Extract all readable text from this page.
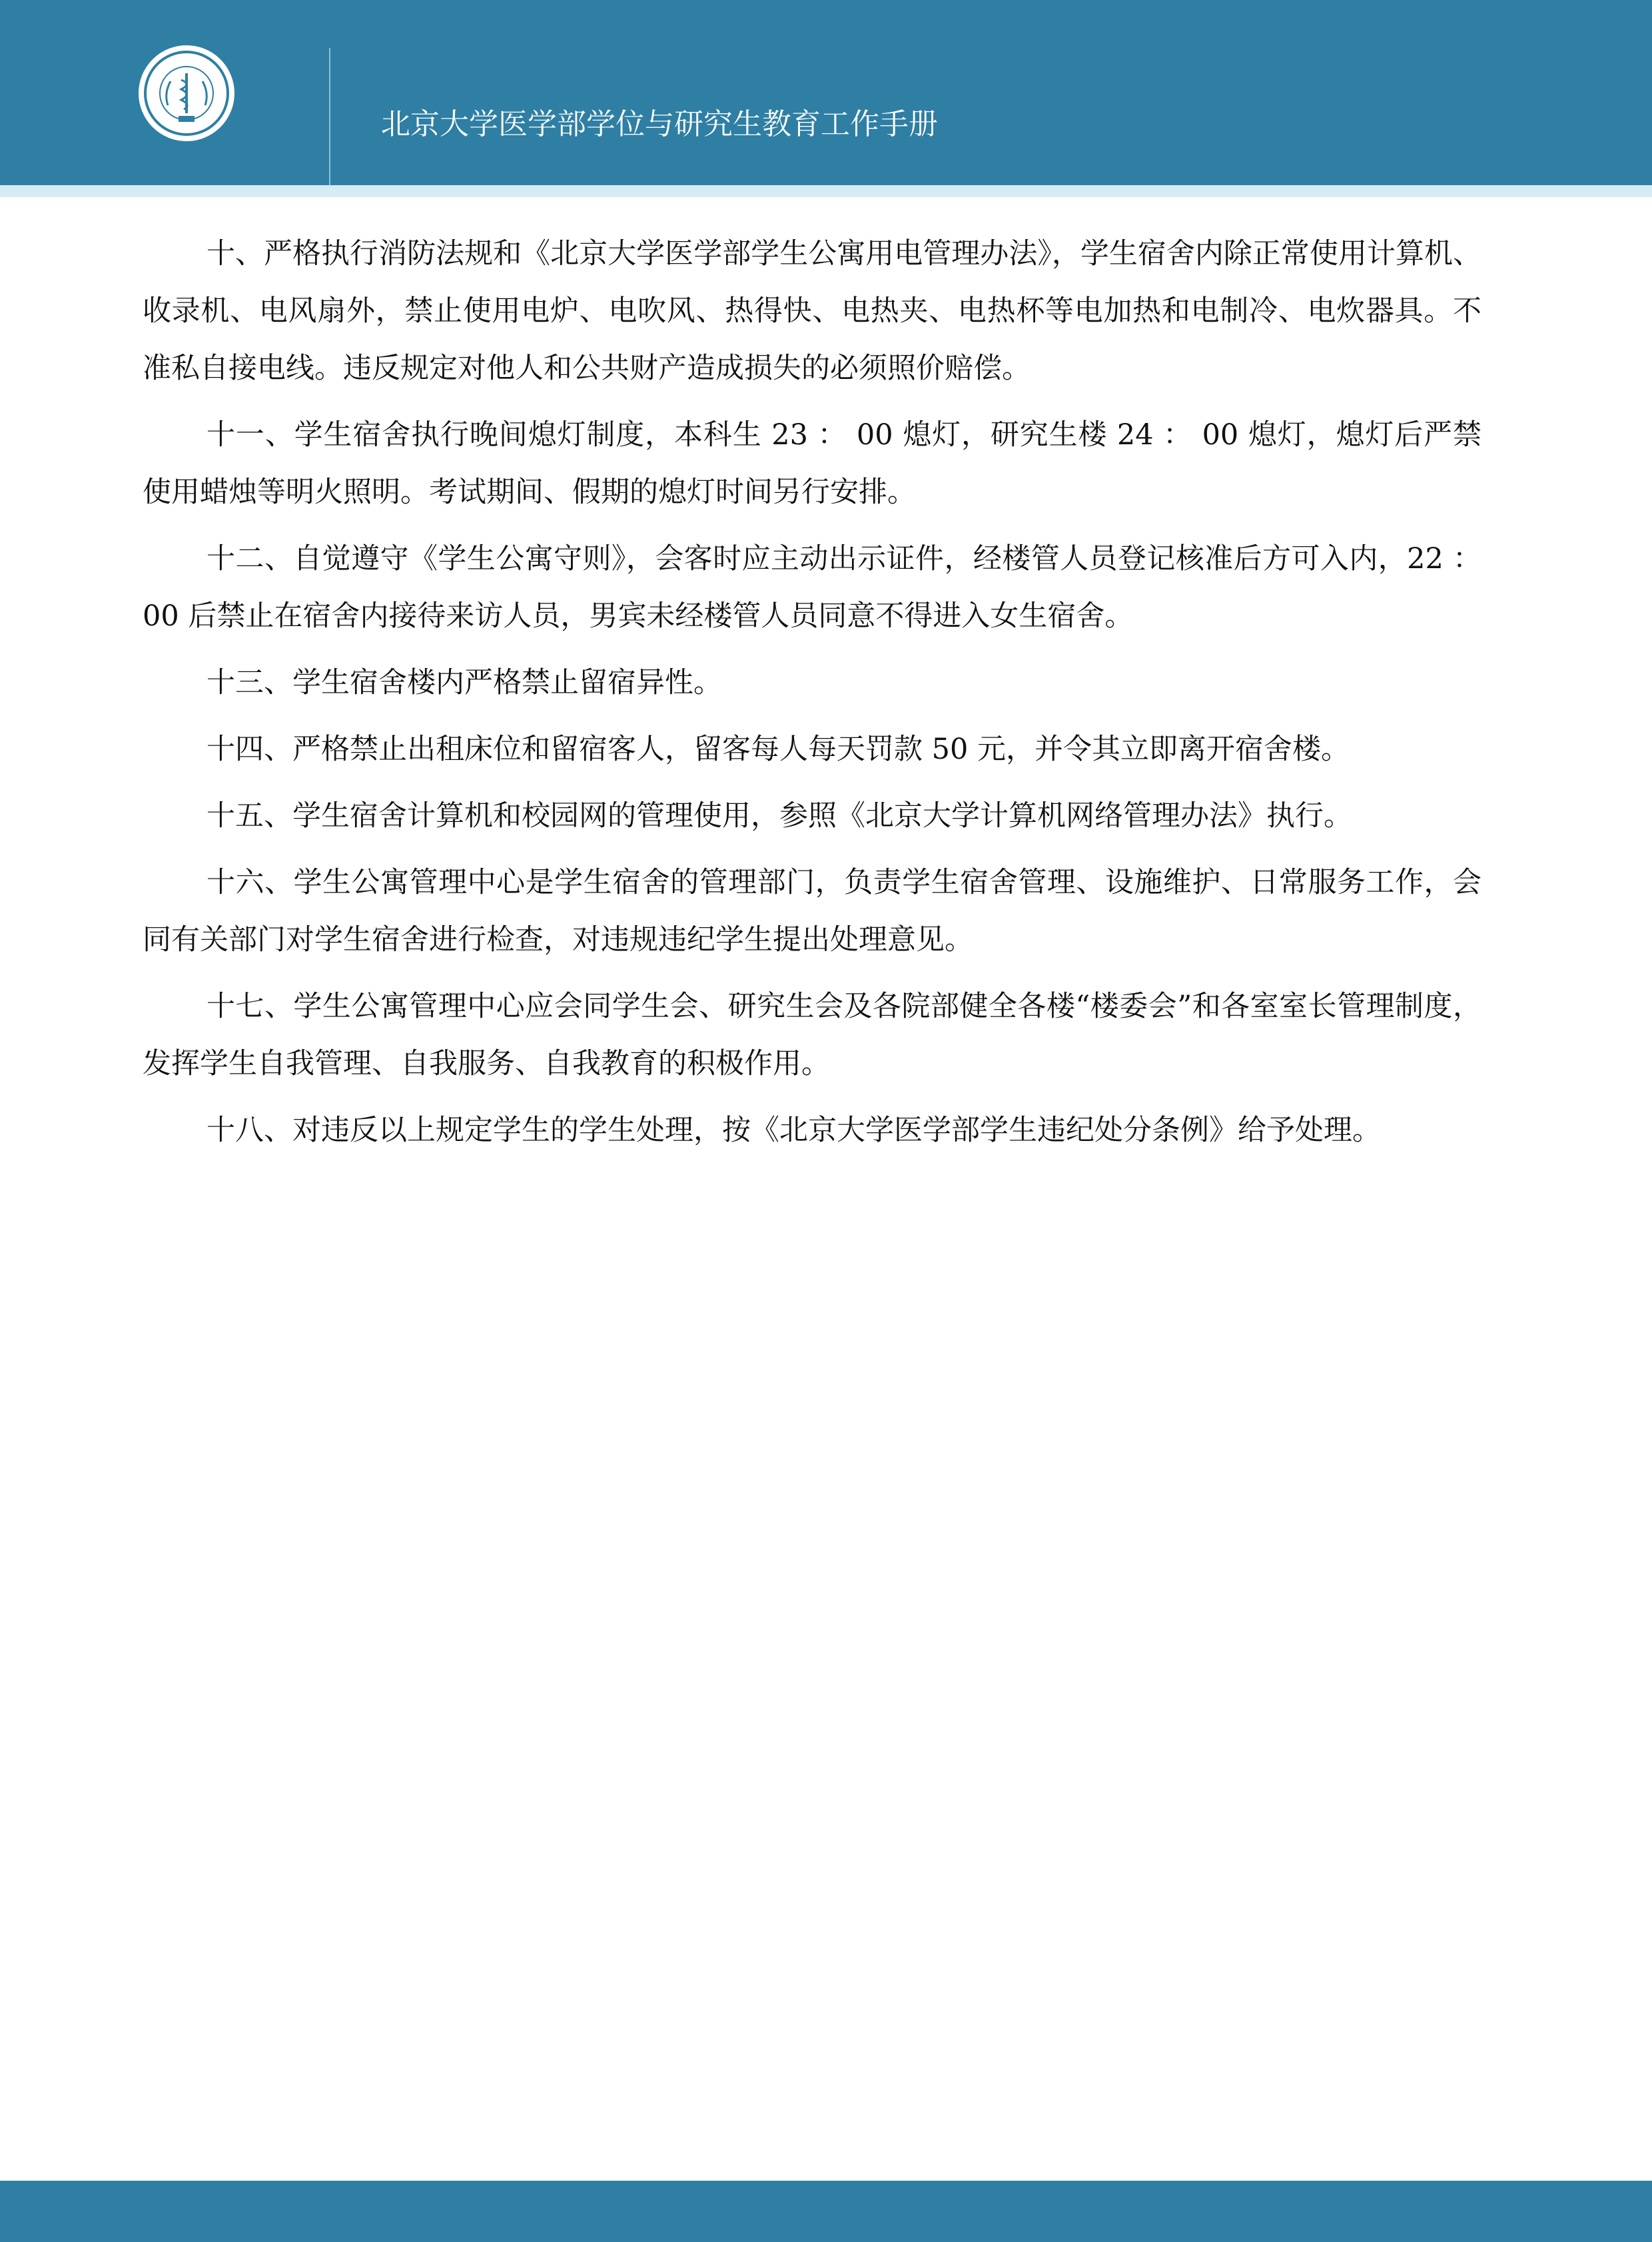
北京大学医学部学位与研究生教育工作手册

十、严格执行消防法规和《北京大学医学部学生公寓用电管理办法》，学生宿舍内除正常使用计算机、收录机、电风扇外，禁止使用电炉、电吹风、热得快、电热夹、电热杯等电加热和电制冷、电炊器具。不准私自接电线。违反规定对他人和公共财产造成损失的必须照价赔偿。

十一、学生宿舍执行晚间熄灯制度，本科生 23 ： 00 熄灯，研究生楼 24 ： 00 熄灯，熄灯后严禁使用蜡烛等明火照明。考试期间、假期的熄灯时间另行安排。

十二、自觉遵守《学生公寓守则》，会客时应主动出示证件，经楼管人员登记核准后方可入内，22 ： 00 后禁止在宿舍内接待来访人员，男宾未经楼管人员同意不得进入女生宿舍。

十三、学生宿舍楼内严格禁止留宿异性。

十四、严格禁止出租床位和留宿客人，留客每人每天罚款 50 元，并令其立即离开宿舍楼。

十五、学生宿舍计算机和校园网的管理使用，参照《北京大学计算机网络管理办法》执行。

十六、学生公寓管理中心是学生宿舍的管理部门，负责学生宿舍管理、设施维护、日常服务工作，会同有关部门对学生宿舍进行检查，对违规违纪学生提出处理意见。

十七、学生公寓管理中心应会同学生会、研究生会及各院部健全各楼“楼委会”和各室室长管理制度，发挥学生自我管理、自我服务、自我教育的积极作用。

十八、对违反以上规定学生的学生处理，按《北京大学医学部学生违纪处分条例》给予处理。
